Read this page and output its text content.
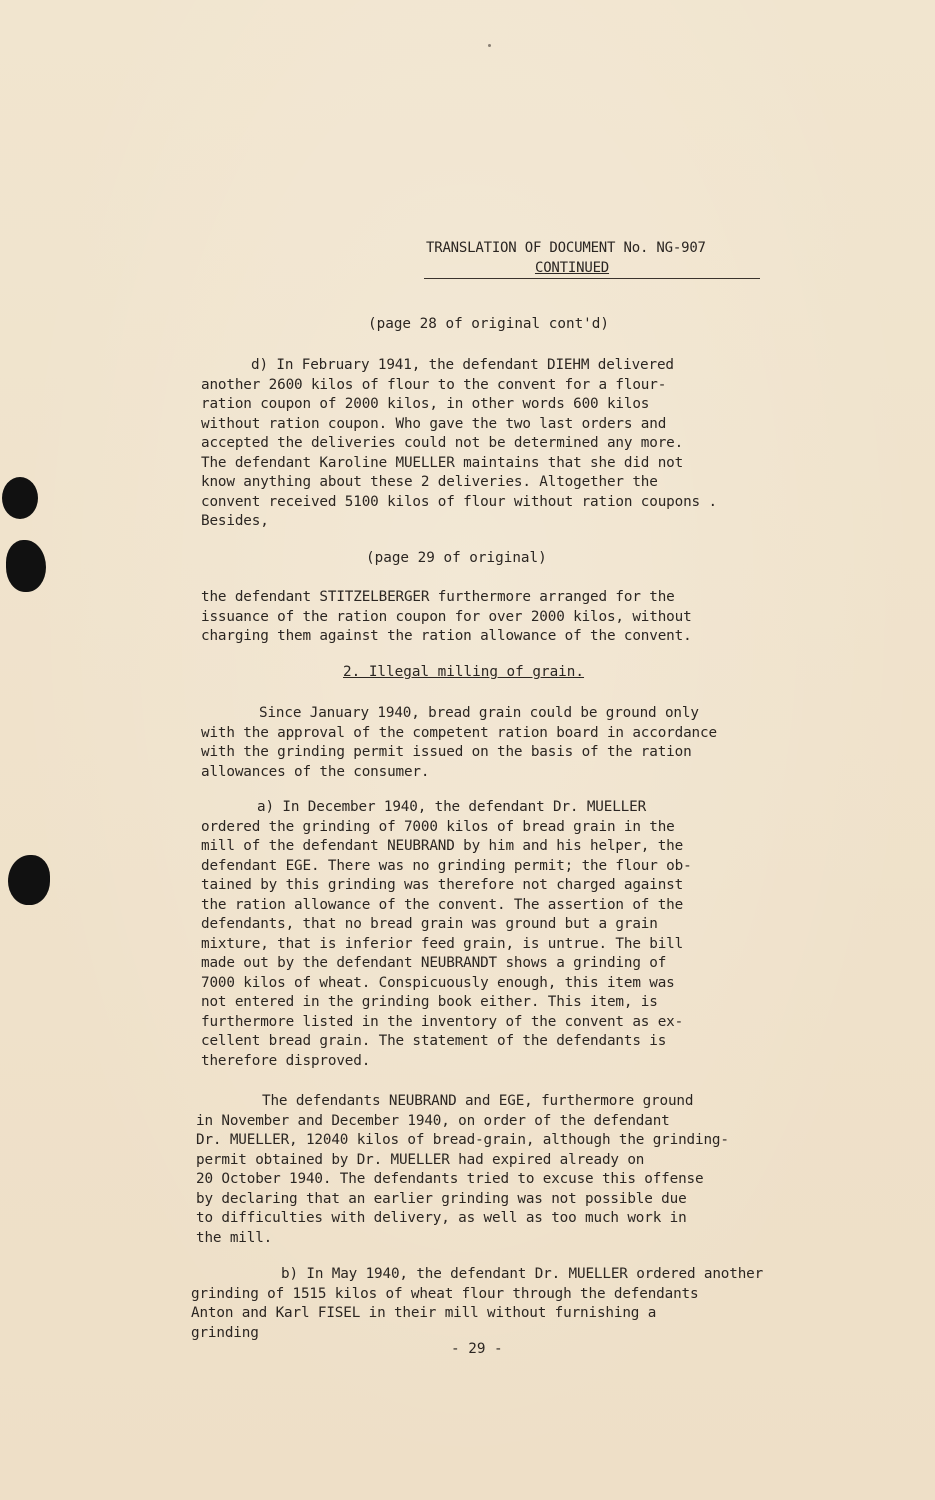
TRANSLATION OF DOCUMENT No. NG-907
CONTINUED
(page 28 of original cont'd)
d) In February 1941, the defendant DIEHM delivered
another 2600 kilos of flour to the convent for a flour-
ration coupon of 2000 kilos, in other words 600 kilos
without ration coupon. Who gave the two last orders and
accepted the deliveries could not be determined any more.
The defendant Karoline MUELLER maintains that she did not
know anything about these 2 deliveries. Altogether the
convent received 5100 kilos of flour without ration coupons .
Besides,
(page 29 of original)
the defendant STITZELBERGER furthermore arranged for the
issuance of the ration coupon for over 2000 kilos, without
charging them against the ration allowance of the convent.
2. Illegal milling of grain.
Since January 1940, bread grain could be ground only
with the approval of the competent ration board in accordance
with the grinding permit issued on the basis of the ration
allowances of the consumer.
a) In December 1940, the defendant Dr. MUELLER
ordered the grinding of 7000 kilos of bread grain in the
mill of the defendant NEUBRAND by him and his helper, the
defendant EGE. There was no grinding permit; the flour ob-
tained by this grinding was therefore not charged against
the ration allowance of the convent. The assertion of the
defendants, that no bread grain was ground but a grain
mixture, that is inferior feed grain, is untrue. The bill
made out by the defendant NEUBRANDT shows a grinding of
7000 kilos of wheat. Conspicuously enough, this item was
not entered in the grinding book either. This item, is
furthermore listed in the inventory of the convent as ex-
cellent bread grain. The statement of the defendants is
therefore disproved.
The defendants NEUBRAND and EGE, furthermore ground
in November and December 1940, on order of the defendant
Dr. MUELLER, 12040 kilos of bread-grain, although the grinding-
permit obtained by Dr. MUELLER had expired already on
20 October 1940. The defendants tried to excuse this offense
by declaring that an earlier grinding was not possible due
to difficulties with delivery, as well as too much work in
the mill.
b) In May 1940, the defendant Dr. MUELLER ordered another
grinding of 1515 kilos of wheat flour through the defendants
Anton and Karl FISEL in their mill without furnishing a
grinding
- 29 -
